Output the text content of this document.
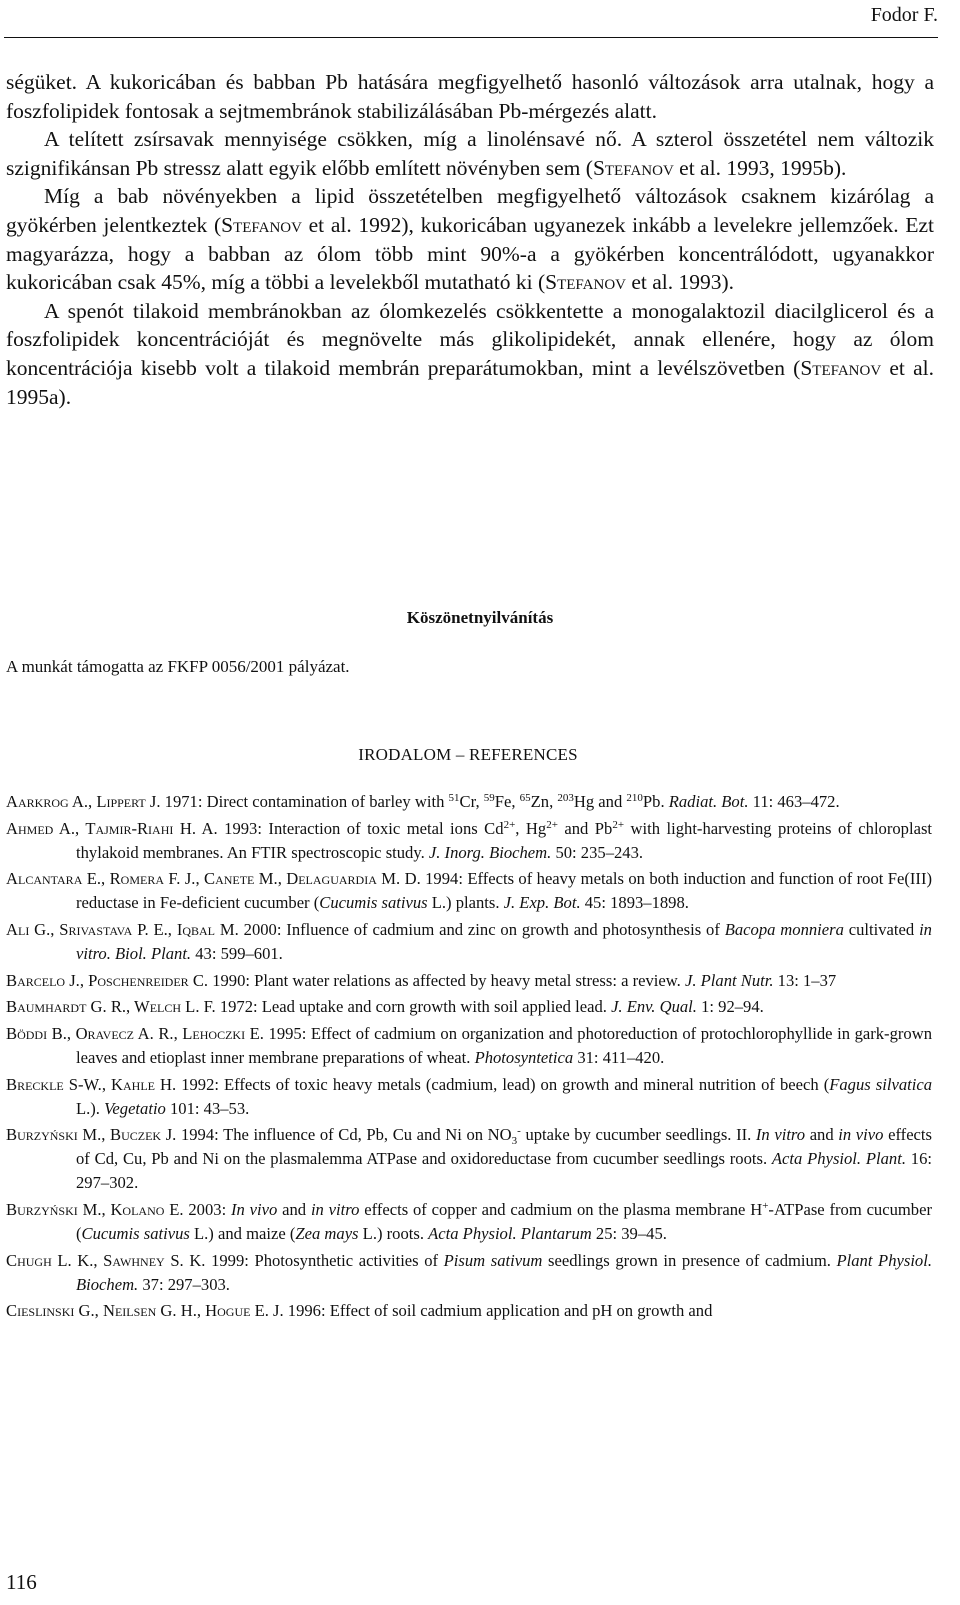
Fodor F.

ségüket. A kukoricában és babban Pb hatására megfigyelhető hasonló változások arra utalnak, hogy a foszfolipidek fontosak a sejtmembránok stabilizálásában Pb-mérgezés alatt.

A telített zsírsavak mennyisége csökken, míg a linolénsavé nő. A szterol összetétel nem változik szignifikánsan Pb stressz alatt egyik előbb említett növényben sem (Stefanov et al. 1993, 1995b).

Míg a bab növényekben a lipid összetételben megfigyelhető változások csaknem kizárólag a gyökérben jelentkeztek (Stefanov et al. 1992), kukoricában ugyanezek inkább a levelekre jellemzőek. Ezt magyarázza, hogy a babban az ólom több mint 90%-a a gyökérben koncentrálódott, ugyanakkor kukoricában csak 45%, míg a többi a levelekből mutatható ki (Stefanov et al. 1993).

A spenót tilakoid membránokban az ólomkezelés csökkentette a monogalaktozil diacilglicerol és a foszfolipidek koncentrációját és megnövelte más glikolipidekét, annak ellenére, hogy az ólom koncentrációja kisebb volt a tilakoid membrán preparátumokban, mint a levélszövetben (Stefanov et al. 1995a).

Köszönetnyilvánítás
A munkát támogatta az FKFP 0056/2001 pályázat.
IRODALOM – REFERENCES

Aarkrog A., Lippert J. 1971: Direct contamination of barley with $^{51}$Cr, $^{59}$Fe, $^{65}$Zn, $^{203}$Hg and $^{210}$Pb. Radiat. Bot. 11: 463–472.

Ahmed A., Tajmir-Riahi H. A. 1993: Interaction of toxic metal ions $Cd^{2+}$, $Hg^{2+}$ and $Pb^{2+}$ with light-harvesting proteins of chloroplast thylakoid membranes. An FTIR spectroscopic study. J. Inorg. Biochem. 50: 235–243.

Alcantara E., Romera F. J., Canete M., Delaguardia M. D. 1994: Effects of heavy metals on both induction and function of root Fe(III) reductase in Fe-deficient cucumber (Cucumis sativus L.) plants. J. Exp. Bot. 45: 1893–1898.

Ali G., Srivastava P. E., Iqbal M. 2000: Influence of cadmium and zinc on growth and photosynthesis of Bacopa monniera cultivated in vitro. Biol. Plant. 43: 599–601.

Barcelo J., Poschenreider C. 1990: Plant water relations as affected by heavy metal stress: a review. J. Plant Nutr. 13: 1–37

Baumhardt G. R., Welch L. F. 1972: Lead uptake and corn growth with soil applied lead. J. Env. Qual. 1: 92–94.

Böddi B., Oravecz A. R., Lehoczki E. 1995: Effect of cadmium on organization and photoreduction of protochlorophyllide in gark-grown leaves and etioplast inner membrane preparations of wheat. Photosyntetica 31: 411–420.

Breckle S-W., Kahle H. 1992: Effects of toxic heavy metals (cadmium, lead) on growth and mineral nutrition of beech (Fagus silvatica L.). Vegetatio 101: 43–53.

Burzyński M., Buczek J. 1994: The influence of Cd, Pb, Cu and Ni on $NO_3^-$ uptake by cucumber seedlings. II. In vitro and in vivo effects of Cd, Cu, Pb and Ni on the plasmalemma ATPase and oxidoreductase from cucumber seedlings roots. Acta Physiol. Plant. 16: 297–302.

Burzyński M., Kolano E. 2003: In vivo and in vitro effects of copper and cadmium on the plasma membrane H+-ATPase from cucumber (Cucumis sativus L.) and maize (Zea mays L.) roots. Acta Physiol. Plantarum 25: 39–45.

Chugh L. K., Sawhney S. K. 1999: Photosynthetic activities of Pisum sativum seedlings grown in presence of cadmium. Plant Physiol. Biochem. 37: 297–303.

Cieslinski G., Neilsen G. H., Hogue E. J. 1996: Effect of soil cadmium application and pH on growth and

116
